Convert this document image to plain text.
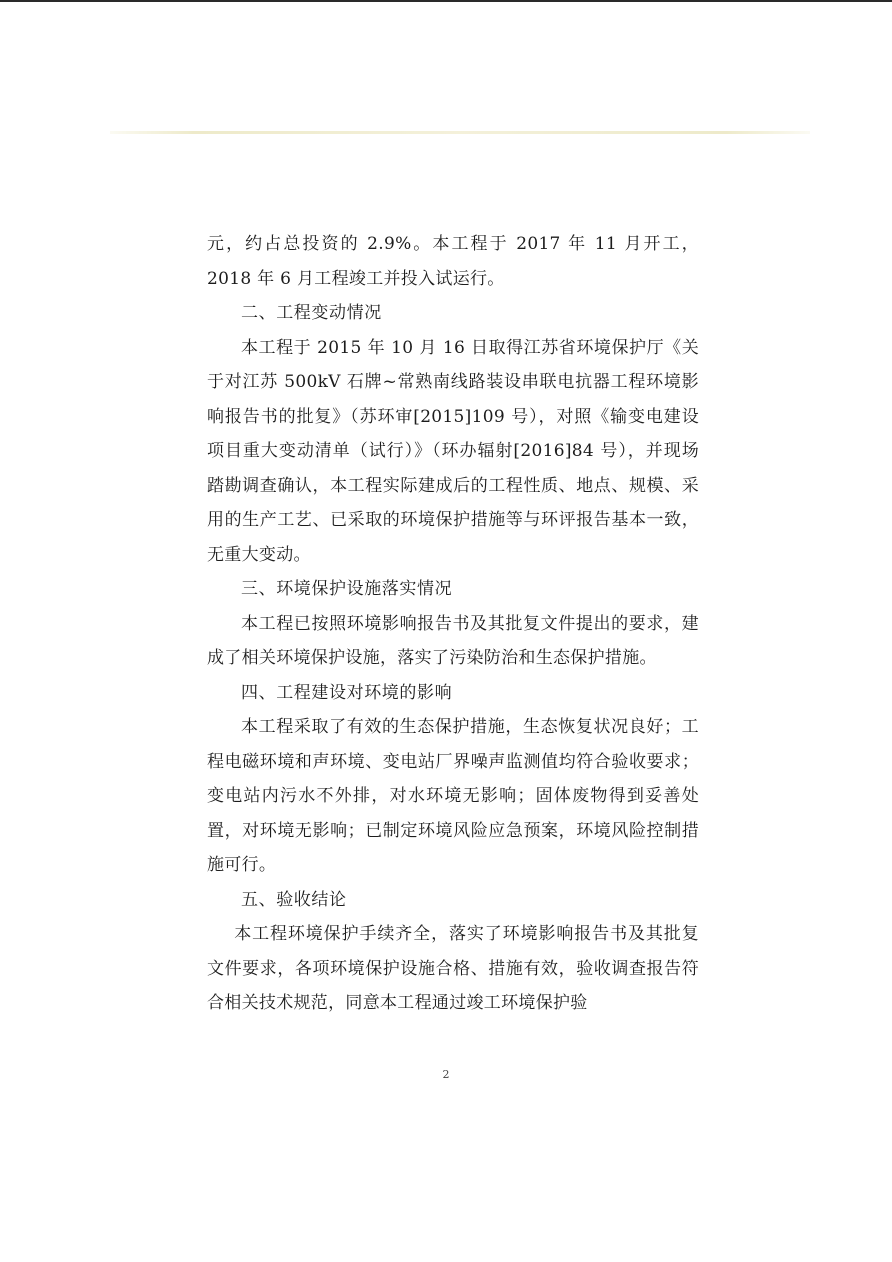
元，约占总投资的 2.9%。本工程于 2017 年 11 月开工，2018 年 6 月工程竣工并投入试运行。

二、工程变动情况

本工程于 2015 年 10 月 16 日取得江苏省环境保护厅《关于对江苏 500kV 石牌~常熟南线路装设串联电抗器工程环境影响报告书的批复》（苏环审[2015]109 号），对照《输变电建设项目重大变动清单（试行）》（环办辐射[2016]84 号），并现场踏勘调查确认，本工程实际建成后的工程性质、地点、规模、采用的生产工艺、已采取的环境保护措施等与环评报告基本一致，无重大变动。

三、环境保护设施落实情况

本工程已按照环境影响报告书及其批复文件提出的要求，建成了相关环境保护设施，落实了污染防治和生态保护措施。

四、工程建设对环境的影响

本工程采取了有效的生态保护措施，生态恢复状况良好；工程电磁环境和声环境、变电站厂界噪声监测值均符合验收要求；变电站内污水不外排，对水环境无影响；固体废物得到妥善处置，对环境无影响；已制定环境风险应急预案，环境风险控制措施可行。

五、验收结论

本工程环境保护手续齐全，落实了环境影响报告书及其批复文件要求，各项环境保护设施合格、措施有效，验收调查报告符合相关技术规范，同意本工程通过竣工环境保护验

2
